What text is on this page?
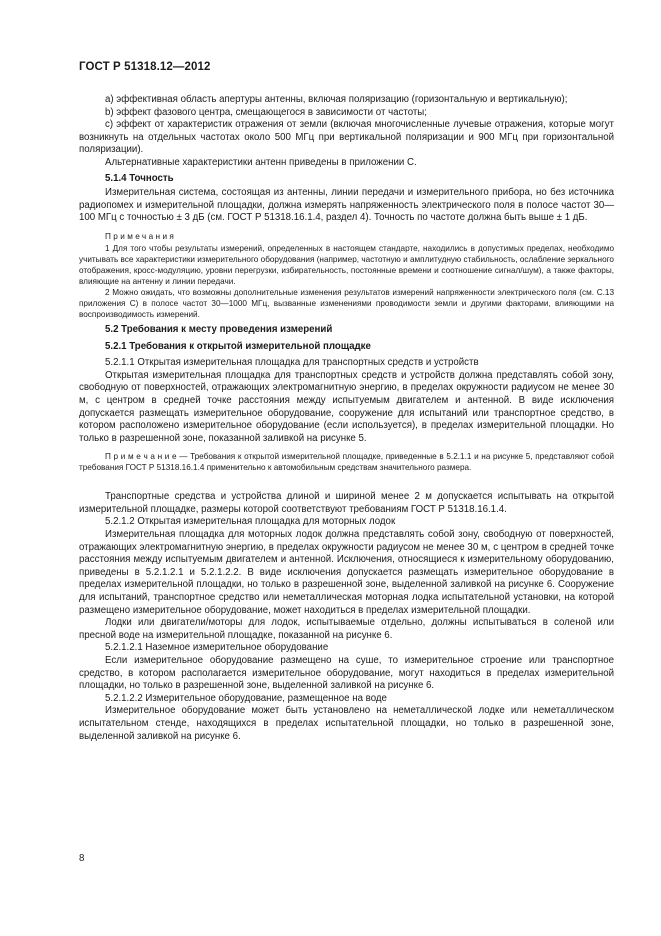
ГОСТ Р 51318.12—2012

а) эффективная область апертуры антенны, включая поляризацию (горизонтальную и вертикальную);

b) эффект фазового центра, смещающегося в зависимости от частоты;

c) эффект от характеристик отражения от земли (включая многочисленные лучевые отражения, которые могут возникнуть на отдельных частотах около 500 МГц при вертикальной поляризации и 900 МГц при горизонтальной поляризации).

Альтернативные характеристики антенн приведены в приложении C.

5.1.4 Точность

Измерительная система, состоящая из антенны, линии передачи и измерительного прибора, но без источника радиопомех и измерительной площадки, должна измерять напряженность электрического поля в полосе частот 30—100 МГц с точностью ± 3 дБ (см. ГОСТ Р 51318.16.1.4, раздел 4). Точность по частоте должна быть выше ± 1 дБ.

Примечания

1 Для того чтобы результаты измерений, определенных в настоящем стандарте, находились в допустимых пределах, необходимо учитывать все характеристики измерительного оборудования (например, частотную и амплитудную стабильность, ослабление зеркального отображения, кросс-модуляцию, уровни перегрузки, избирательность, постоянные времени и соотношение сигнал/шум), а также факторы, влияющие на антенну и линии передачи.

2 Можно ожидать, что возможны дополнительные изменения результатов измерений напряженности электрического поля (см. С.13 приложения С) в полосе частот 30—1000 МГц, вызванные изменениями проводимости земли и другими факторами, влияющими на воспроизводимость измерений.

5.2 Требования к месту проведения измерений

5.2.1 Требования к открытой измерительной площадке

5.2.1.1 Открытая измерительная площадка для транспортных средств и устройств

Открытая измерительная площадка для транспортных средств и устройств должна представлять собой зону, свободную от поверхностей, отражающих электромагнитную энергию, в пределах окружности радиусом не менее 30 м, с центром в средней точке расстояния между испытуемым двигателем и антенной. В виде исключения допускается размещать измерительное оборудование, сооружение для испытаний или транспортное средство, в котором расположено измерительное оборудование (если используется), в пределах измерительной площадки. Но только в разрешенной зоне, показанной заливкой на рисунке 5.

П р и м е ч а н и е — Требования к открытой измерительной площадке, приведенные в 5.2.1.1 и на рисунке 5, представляют собой требования ГОСТ Р 51318.16.1.4 применительно к автомобильным средствам значительного размера.

Транспортные средства и устройства длиной и шириной менее 2 м допускается испытывать на открытой измерительной площадке, размеры которой соответствуют требованиям ГОСТ Р 51318.16.1.4.

5.2.1.2 Открытая измерительная площадка для моторных лодок

Измерительная площадка для моторных лодок должна представлять собой зону, свободную от поверхностей, отражающих электромагнитную энергию, в пределах окружности радиусом не менее 30 м, с центром в средней точке расстояния между испытуемым двигателем и антенной. Исключения, относящиеся к измерительному оборудованию, приведены в 5.2.1.2.1 и 5.2.1.2.2. В виде исключения допускается размещать измерительное оборудование в пределах измерительной площадки, но только в разрешенной зоне, выделенной заливкой на рисунке 6. Сооружение для испытаний, транспортное средство или неметаллическая моторная лодка испытательной установки, на которой размещено измерительное оборудование, может находиться в пределах измерительной площадки.

Лодки или двигатели/моторы для лодок, испытываемые отдельно, должны испытываться в соленой или пресной воде на измерительной площадке, показанной на рисунке 6.

5.2.1.2.1 Наземное измерительное оборудование

Если измерительное оборудование размещено на суше, то измерительное строение или транспортное средство, в котором располагается измерительное оборудование, могут находиться в пределах измерительной площадки, но только в разрешенной зоне, выделенной заливкой на рисунке 6.

5.2.1.2.2 Измерительное оборудование, размещенное на воде

Измерительное оборудование может быть установлено на неметаллической лодке или неметаллическом испытательном стенде, находящихся в пределах испытательной площадки, но только в разрешенной зоне, выделенной заливкой на рисунке 6.

8
